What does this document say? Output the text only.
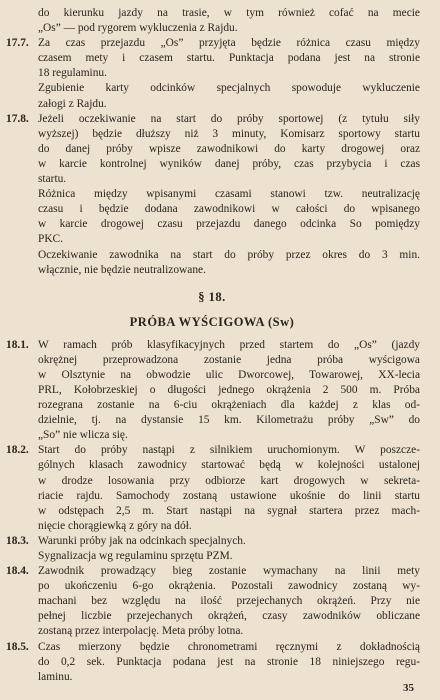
do kierunku jazdy na trasie, w tym również cofać na mecie
„Os” — pod rygorem wykluczenia z Rajdu.
17.7. Za czas przejazdu „Os” przyjęta będzie różnica czasu między
czasem mety i czasem startu. Punktacja podana jest na stronie
18 regulaminu.
Zgubienie karty odcinków specjalnych spowoduje wykluczenie
załogi z Rajdu.
17.8. Jeżeli oczekiwanie na start do próby sportowej (z tytułu siły
wyższej) będzie dłuższy niż 3 minuty, Komisarz sportowy startu
do danej próby wpisze zawodnikowi do karty drogowej oraz
w karcie kontrolnej wyników danej próby, czas przybycia i czas
startu.
Różnica między wpisanymi czasami stanowi tzw. neutralizację
czasu i będzie dodana zawodnikowi w całości do wpisanego
w karcie drogowej czasu przejazdu danego odcinka So pomiędzy
PKC.
Oczekiwanie zawodnika na start do próby przez okres do 3 min.
włącznie, nie będzie neutralizowane.
§ 18.
PRÓBA WYŚCIGOWA (Sw)
18.1. W ramach prób klasyfikacyjnych przed startem do „Os” (jazdy
okrężnej przeprowadzona zostanie jedna próba wyścigowa
w Olsztynie na obwodzie ulic Dworcowej, Towarowej, XX-lecia
PRL, Kołobrzeskiej o długości jednego okrążenia 2 500 m. Próba
rozegrana zostanie na 6-ciu okrążeniach dla każdej z klas od-
dzielnie, tj. na dystansie 15 km. Kilometrażu próby „Sw” do
„So” nie wlicza się.
18.2. Start do próby nastąpi z silnikiem uruchomionym. W poszcze-
gólnych klasach zawodnicy startować będą w kolejności ustalonej
w drodze losowania przy odbiorze kart drogowych w sekreta-
riacie rajdu. Samochody zostaną ustawione ukośnie do linii startu
w odstępach 2,5 m. Start nastąpi na sygnał startera przez mach-
nięcie chorągiewką z góry na dół.
18.3. Warunki próby jak na odcinkach specjalnych.
Sygnalizacja wg regulaminu sprzętu PZM.
18.4. Zawodnik prowadzący bieg zostanie wymachany na linii mety
po ukończeniu 6-go okrążenia. Pozostali zawodnicy zostaną wy-
machani bez względu na ilość przejechanych okrążeń. Przy nie
pełnej liczbie przejechanych okrążeń, czasy zawodników obliczane
zostaną przez interpolację. Meta próby lotna.
18.5. Czas mierzony będzie chronometrami ręcznymi z dokładnością
do 0,2 sek. Punktacja podana jest na stronie 18 niniejszego regu-
laminu.
35
